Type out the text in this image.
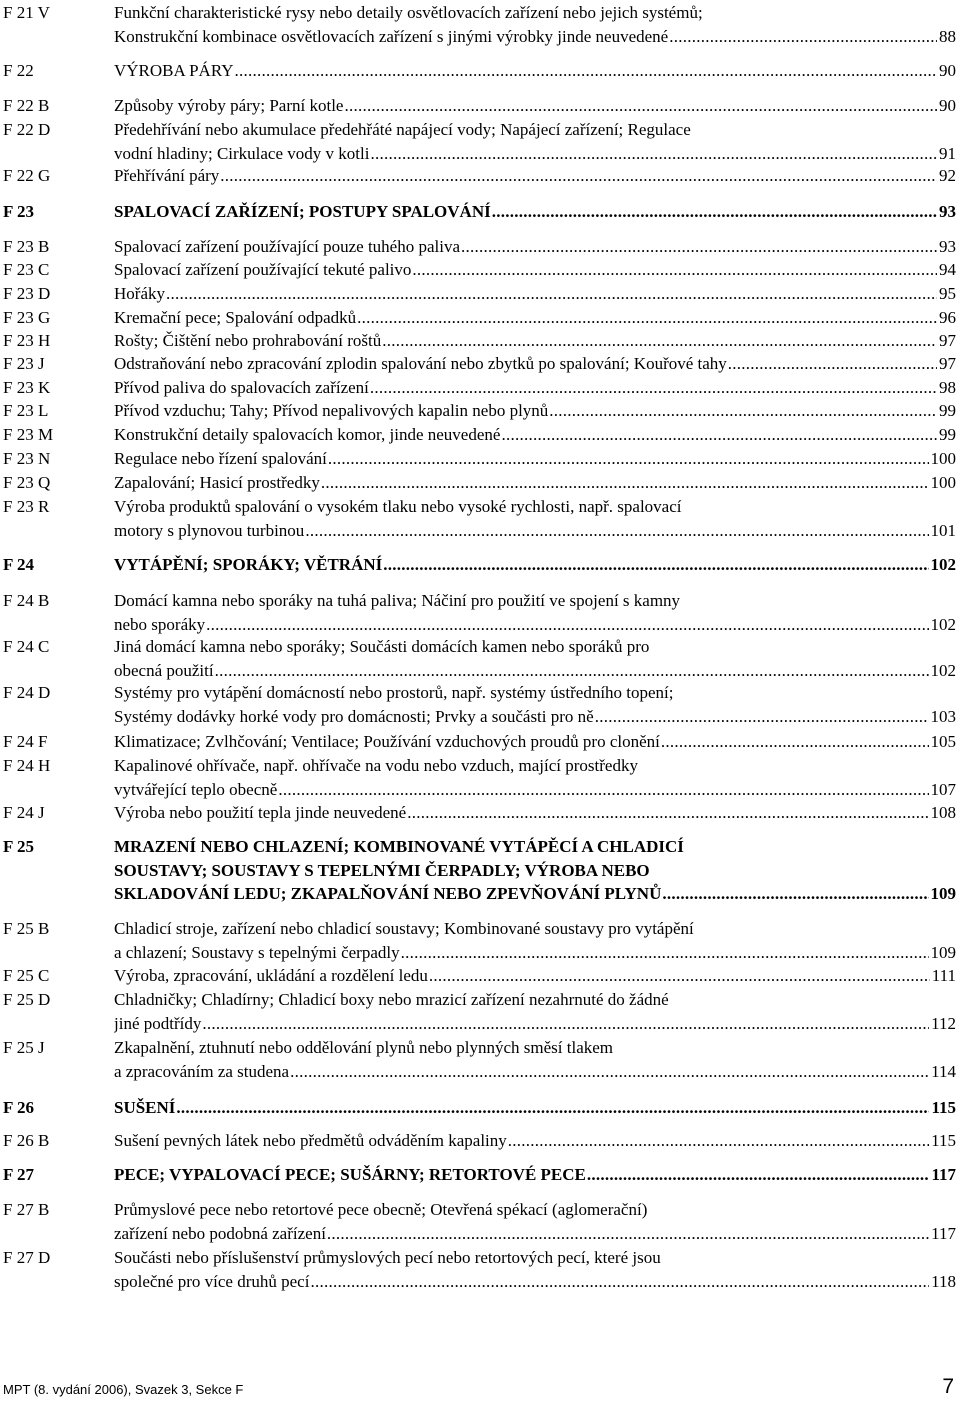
F 21 V	Funkční charakteristické rysy nebo detaily osvětlovacích zařízení nebo jejich systémů;
Konstrukční kombinace osvětlovacích zařízení s jinými výrobky jinde neuvedené . . .	88
F 22	VÝROBA PÁRY . . .	90
F 22 B	Způsoby výroby páry; Parní kotle . . .	90
F 22 D	Předehřívání nebo akumulace předehřáté napájecí vody; Napájecí zařízení; Regulace
vodní hladiny; Cirkulace vody v kotli . . .	91
F 22 G	Přehřívání páry . . .	92
F 23	SPALOVACÍ ZAŘÍZENÍ; POSTUPY SPALOVÁNÍ . . .	93
F 23 B	Spalovací zařízení používající pouze tuhého paliva . . .	93
F 23 C	Spalovací zařízení používající tekuté palivo . . .	94
F 23 D	Hořáky . . .	95
F 23 G	Kremační pece; Spalování odpadků . . .	96
F 23 H	Rošty; Čištění nebo prohrabování roštů . . .	97
F 23 J	Odstraňování nebo zpracování zplodin spalování nebo zbytků po spalování; Kouřové tahy . . .	97
F 23 K	Přívod paliva do spalovacích zařízení . . .	98
F 23 L	Přívod vzduchu; Tahy; Přívod nepalivových kapalin nebo plynů . . .	99
F 23 M	Konstrukční detaily spalovacích komor, jinde neuvedené . . .	99
F 23 N	Regulace nebo řízení spalování . . .	100
F 23 Q	Zapalování; Hasicí prostředky . . .	100
F 23 R	Výroba produktů spalování o vysokém tlaku nebo vysoké rychlosti, např. spalovací
motory s plynovou turbinou . . .	101
F 24	VYTÁPĚNÍ; SPORÁKY; VĚTRÁNÍ . . .	102
F 24 B	Domácí kamna nebo sporáky na tuhá paliva; Náčiní pro použití ve spojení s kamny
nebo sporáky . . .	102
F 24 C	Jiná domácí kamna nebo sporáky; Součásti domácích kamen nebo sporáků pro
obecná použití . . .	102
F 24 D	Systémy pro vytápění domácností nebo prostorů, např. systémy ústředního topení;
Systémy dodávky horké vody pro domácnosti; Prvky a součásti pro ně . . .	103
F 24 F	Klimatizace; Zvlhčování; Ventilace; Používání vzduchových proudů pro clonění . . .	105
F 24 H	Kapalinové ohřívače, např. ohřívače na vodu nebo vzduch, mající prostředky
vytvářející teplo obecně . . .	107
F 24 J	Výroba nebo použití tepla jinde neuvedené . . .	108
F 25	MRAZENÍ NEBO CHLAZENÍ; KOMBINOVANÉ VYTÁPĚCÍ A CHLADICÍ
SOUSTAVY; SOUSTAVY S TEPELNÝMI ČERPADLY; VÝROBA NEBO
SKLADOVÁNÍ LEDU; ZKAPALŇOVÁNÍ NEBO ZPEVŇOVÁNÍ PLYNŮ . . .	109
F 25 B	Chladicí stroje, zařízení nebo chladicí soustavy; Kombinované soustavy pro vytápění
a chlazení; Soustavy s tepelnými čerpadly . . .	109
F 25 C	Výroba, zpracování, ukládání a rozdělení ledu . . .	111
F 25 D	Chladničky; Chladírny; Chladicí boxy nebo mrazicí zařízení nezahrnuté do žádné
jiné podtřídy . . .	112
F 25 J	Zkapalnění, ztuhnutí nebo oddělování plynů nebo plynných směsí tlakem
a zpracováním za studena . . .	114
F 26	SUŠENÍ . . .	115
F 26 B	Sušení pevných látek nebo předmětů odváděním kapaliny . . .	115
F 27	PECE; VYPALOVACÍ PECE; SUŠÁRNY; RETORTOVÉ PECE . . .	117
F 27 B	Průmyslové pece nebo retortové pece obecně; Otevřená spékací (aglomerační)
zařízení nebo podobná zařízení . . .	117
F 27 D	Součásti nebo příslušenství průmyslových pecí nebo retortových pecí, které jsou
společné pro více druhů pecí . . .	118
MPT (8. vydání 2006), Svazek 3, Sekce F	7
